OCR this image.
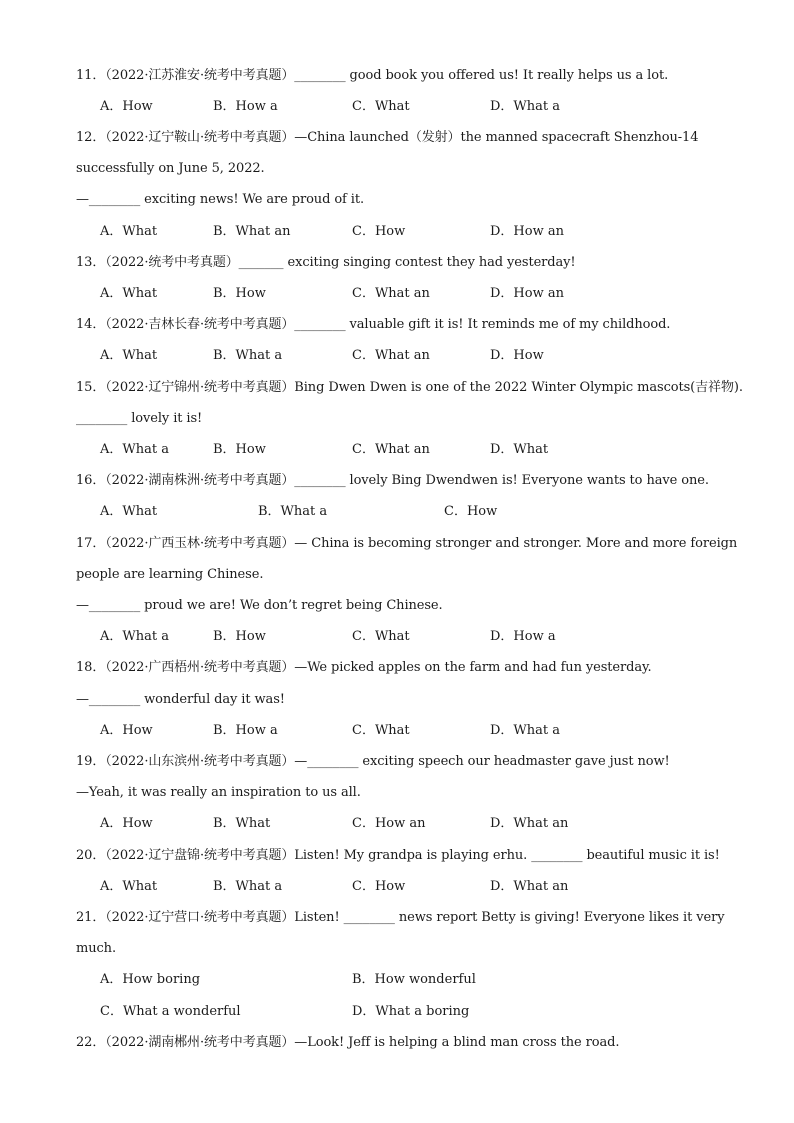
11．（2022·江苏淮安·统考中考真题）________ good book you offered us! It really helps us a lot.
A．How	B．How a	C．What	D．What a
12．（2022·辽宁鞍山·统考中考真题）—China launched（发射）the manned spacecraft Shenzhou-14
successfully on June 5, 2022.
—________ exciting news! We are proud of it.
A．What	B．What an	C．How	D．How an
13．（2022·统考中考真题）_______ exciting singing contest they had yesterday!
A．What	B．How	C．What an	D．How an
14．（2022·吉林长春·统考中考真题）________ valuable gift it is! It reminds me of my childhood.
A．What	B．What a	C．What an	D．How
15．（2022·辽宁锦州·统考中考真题）Bing Dwen Dwen is one of the 2022 Winter Olympic mascots(吉祥物).
________ lovely it is!
A．What a	B．How	C．What an	D．What
16．（2022·湖南株洲·统考中考真题）________ lovely Bing Dwendwen is! Everyone wants to have one.
A．What	B．What a	C．How
17．（2022·广西玉林·统考中考真题）— China is becoming stronger and stronger. More and more foreign
people are learning Chinese.
—________ proud we are! We don’t regret being Chinese.
A．What a	B．How	C．What	D．How a
18．（2022·广西梧州·统考中考真题）—We picked apples on the farm and had fun yesterday.
—________ wonderful day it was!
A．How	B．How a	C．What	D．What a
19．（2022·山东滨州·统考中考真题）—________ exciting speech our headmaster gave just now!
—Yeah, it was really an inspiration to us all.
A．How	B．What	C．How an	D．What an
20．（2022·辽宁盘锦·统考中考真题）Listen! My grandpa is playing erhu. ________ beautiful music it is!
A．What	B．What a	C．How	D．What an
21．（2022·辽宁营口·统考中考真题）Listen! ________ news report Betty is giving! Everyone likes it very
much.
A．How boring	B．How wonderful
C．What a wonderful	D．What a boring
22．（2022·湖南郴州·统考中考真题）—Look! Jeff is helping a blind man cross the road.
